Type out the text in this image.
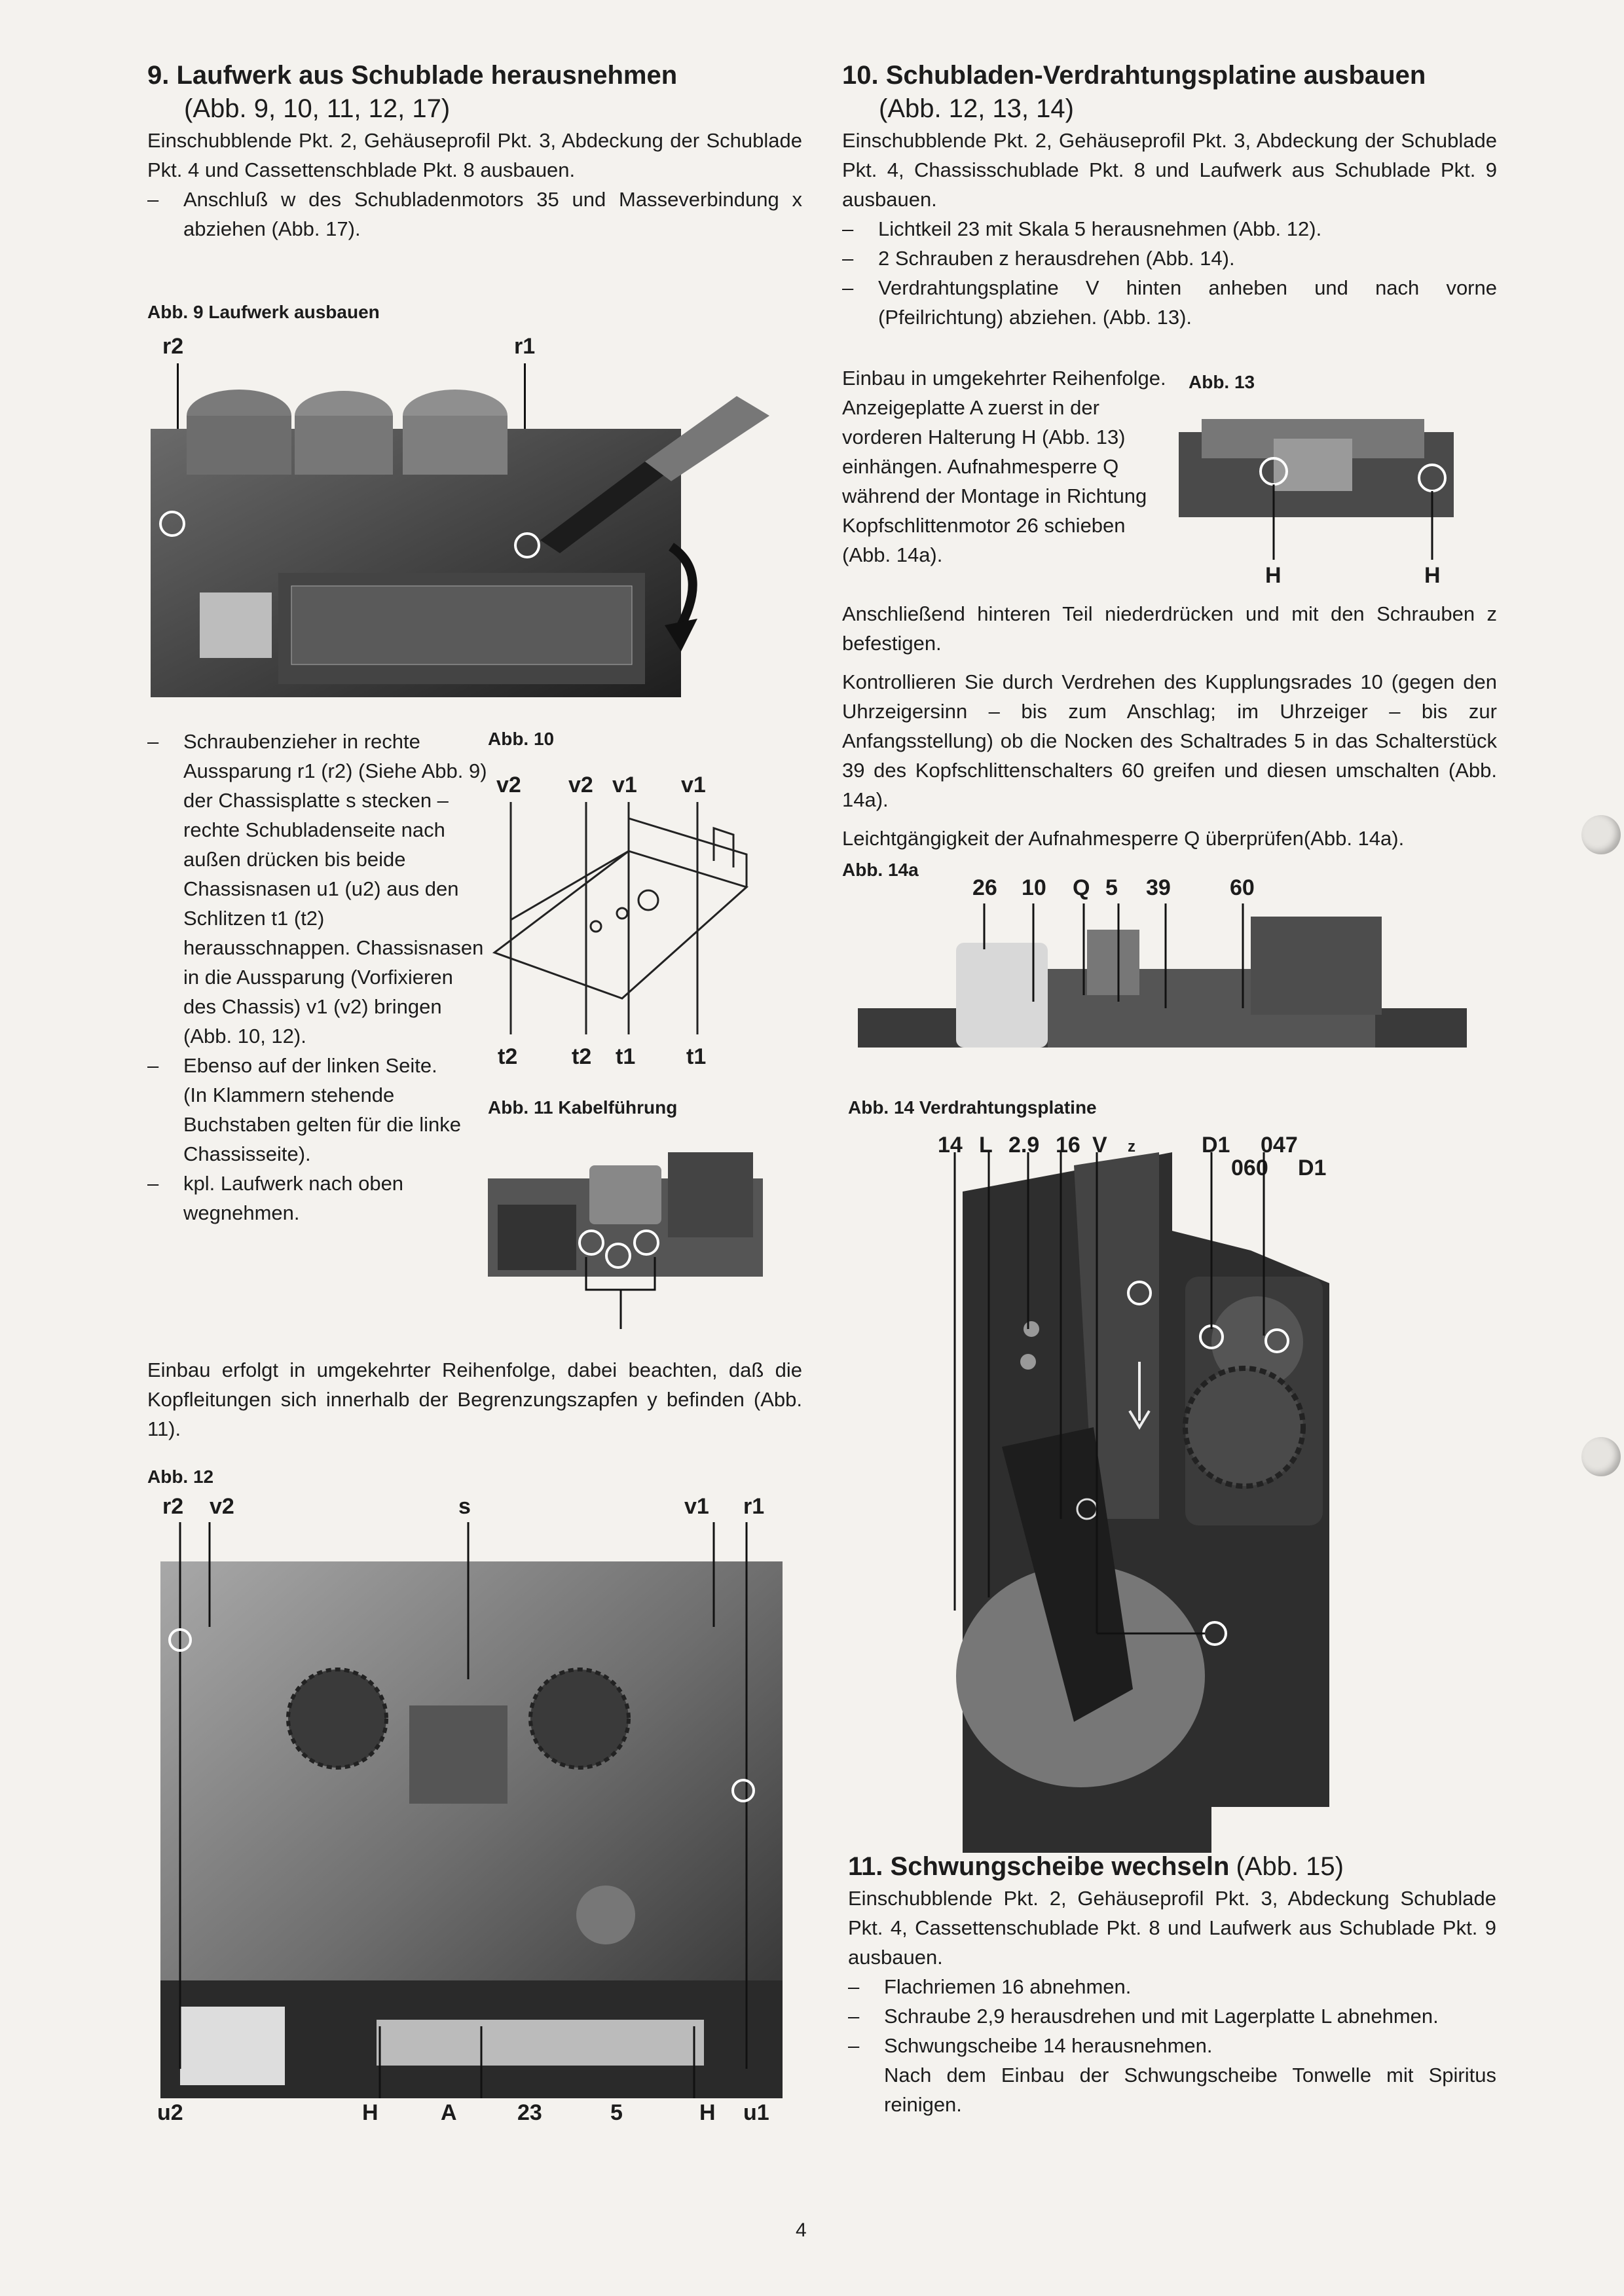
9. Laufwerk aus Schublade herausnehmen
(Abb. 9, 10, 11, 12, 17)

Einschubblende Pkt. 2, Gehäuseprofil Pkt. 3, Abdeckung der Schublade Pkt. 4 und Cassettenschblade Pkt. 8 ausbauen.

– Anschluß w des Schubladenmotors 35 und Masseverbindung x abziehen (Abb. 17).
Abb. 9 Laufwerk ausbauen
r2	r1
– Schraubenzieher in rechte Aussparung r1 (r2) (Siehe Abb. 9) der Chassisplatte s stecken – rechte Schubladenseite nach außen drücken bis beide Chassisnasen u1 (u2) aus den Schlitzen t1 (t2) herausschnappen. Chassisnasen in die Aussparung (Vorfixieren des Chassis) v1 (v2) bringen (Abb. 10, 12).
– Ebenso auf der linken Seite.
(In Klammern stehende Buchstaben gelten für die linke Chassisseite).
– kpl. Laufwerk nach oben wegnehmen.

Einbau erfolgt in umgekehrter Reihenfolge, dabei beachten, daß die Kopfleitungen sich innerhalb der Begrenzungszapfen y befinden (Abb. 11).

Abb. 10
v2 v2 v1 v1
t2 t2 t1 t1
Abb. 11 Kabelführung
Abb. 12
r2 v2	s	v1 r1
u2	H	A	23	5	H u1
10. Schubladen-Verdrahtungsplatine ausbauen
(Abb. 12, 13, 14)

Einschubblende Pkt. 2, Gehäuseprofil Pkt. 3, Abdeckung der Schublade Pkt. 4, Chassisschublade Pkt. 8 und Laufwerk aus Schublade Pkt. 9 ausbauen.

– Lichtkeil 23 mit Skala 5 herausnehmen (Abb. 12).
– 2 Schrauben z herausdrehen (Abb. 14).
– Verdrahtungsplatine V hinten anheben und nach vorne (Pfeilrichtung) abziehen. (Abb. 13).

Einbau in umgekehrter Reihenfolge. Anzeigeplatte A zuerst in der vorderen Halterung H (Abb. 13) einhängen. Aufnahmesperre Q während der Montage in Richtung Kopfschlittenmotor 26 schieben (Abb. 14a).

Abb. 13
H	H

Anschließend hinteren Teil niederdrücken und mit den Schrauben z befestigen.

Kontrollieren Sie durch Verdrehen des Kupplungsrades 10 (gegen den Uhrzeigersinn – bis zum Anschlag; im Uhrzeiger – bis zur Anfangsstellung) ob die Nocken des Schaltrades 5 in das Schalterstück 39 des Kopfschlittenschalters 60 greifen und diesen umschalten (Abb. 14a).

Leichtgängigkeit der Aufnahmesperre Q überprüfen(Abb. 14a).

Abb. 14a
26 10 Q 5 39	60
Abb. 14 Verdrahtungsplatine
14 L 2.9 16 V z	D1
060
047
D1
11. Schwungscheibe wechseln (Abb. 15)

Einschubblende Pkt. 2, Gehäuseprofil Pkt. 3, Abdeckung Schublade Pkt. 4, Cassettenschublade Pkt. 8 und Laufwerk aus Schublade Pkt. 9 ausbauen.

– Flachriemen 16 abnehmen.
– Schraube 2,9 herausdrehen und mit Lagerplatte L abnehmen.
– Schwungscheibe 14 herausnehmen.

Nach dem Einbau der Schwungscheibe Tonwelle mit Spiritus reinigen.

4
